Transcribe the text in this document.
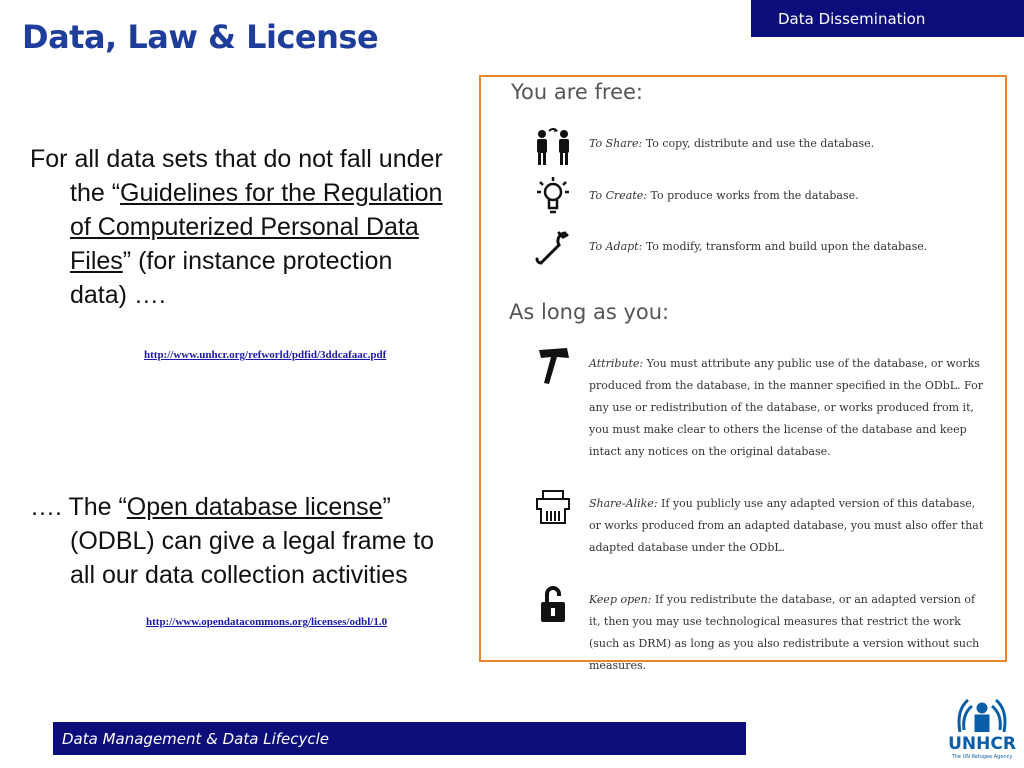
Data Dissemination
Data, Law & License
For all data sets that do not fall under the “Guidelines for the Regulation of Computerized Personal Data Files” (for instance protection data) ….
http://www.unhcr.org/refworld/pdfid/3ddcafaac.pdf
…. The “Open database license” (ODBL) can give a legal frame to all our data collection activities
http://www.opendatacommons.org/licenses/odbl/1.0
You are free:
To Share: To copy, distribute and use the database.
To Create: To produce works from the database.
To Adapt: To modify, transform and build upon the database.
As long as you:
Attribute: You must attribute any public use of the database, or works produced from the database, in the manner specified in the ODbL. For any use or redistribution of the database, or works produced from it, you must make clear to others the license of the database and keep intact any notices on the original database.
Share-Alike: If you publicly use any adapted version of this database, or works produced from an adapted database, you must also offer that adapted database under the ODbL.
Keep open: If you redistribute the database, or an adapted version of it, then you may use technological measures that restrict the work (such as DRM) as long as you also redistribute a version without such measures.
Data Management & Data Lifecycle	UNHCR
The UN Refugee Agency
